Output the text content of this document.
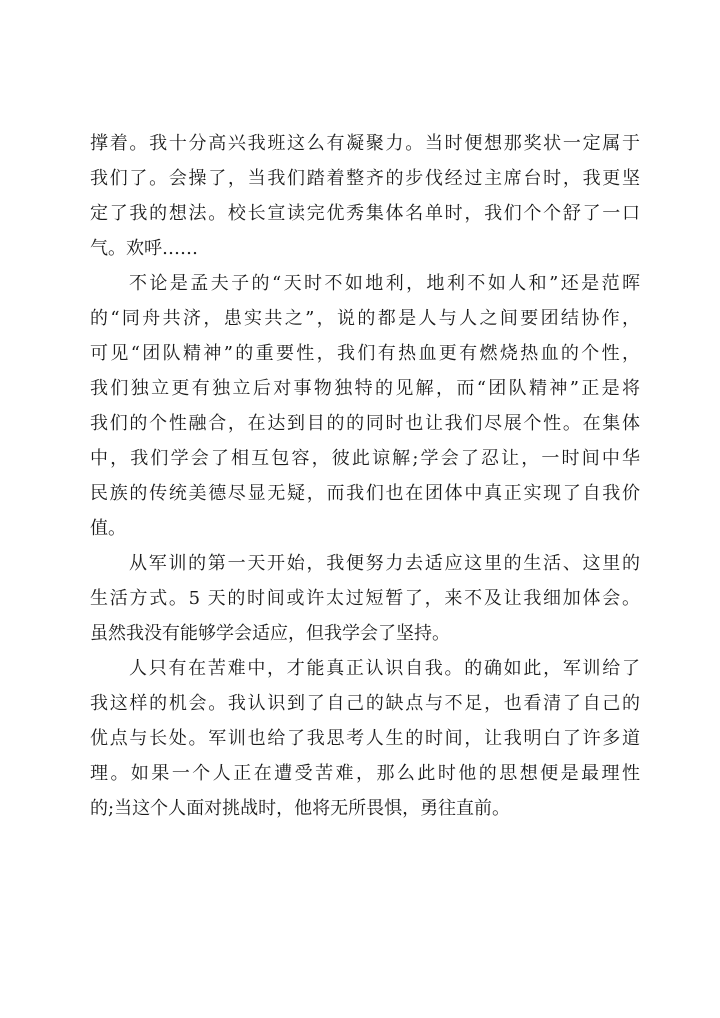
撑着。我十分高兴我班这么有凝聚力。当时便想那奖状一定属于
我们了。会操了，当我们踏着整齐的步伐经过主席台时，我更坚
定了我的想法。校长宣读完优秀集体名单时，我们个个舒了一口
气。欢呼……
不论是孟夫子的“天时不如地利，地利不如人和”还是范晖
的“同舟共济，患实共之”，说的都是人与人之间要团结协作，
可见“团队精神”的重要性，我们有热血更有燃烧热血的个性，
我们独立更有独立后对事物独特的见解，而“团队精神”正是将
我们的个性融合，在达到目的的同时也让我们尽展个性。在集体
中，我们学会了相互包容，彼此谅解;学会了忍让，一时间中华
民族的传统美德尽显无疑，而我们也在团体中真正实现了自我价
值。
从军训的第一天开始，我便努力去适应这里的生活、这里的
生活方式。5 天的时间或许太过短暂了，来不及让我细加体会。
虽然我没有能够学会适应，但我学会了坚持。
人只有在苦难中，才能真正认识自我。的确如此，军训给了
我这样的机会。我认识到了自己的缺点与不足，也看清了自己的
优点与长处。军训也给了我思考人生的时间，让我明白了许多道
理。如果一个人正在遭受苦难，那么此时他的思想便是最理性
的;当这个人面对挑战时，他将无所畏惧，勇往直前。
